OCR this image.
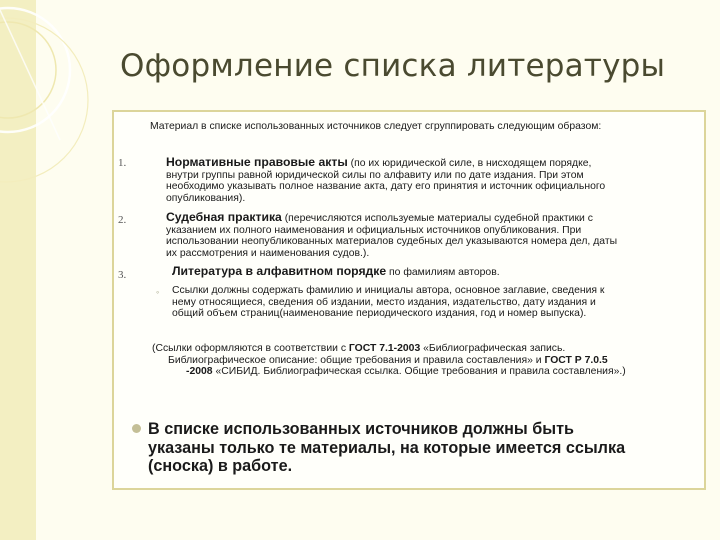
Оформление списка литературы
Материал в списке использованных источников следует сгруппировать следующим образом:
1.	Нормативные правовые акты (по их юридической силе, в нисходящем порядке,
внутри группы равной юридической силы по алфавиту или по дате издания. При этом
необходимо указывать полное название акта, дату его принятия и источник официального
опубликования).
2.	Судебная практика (перечисляются используемые материалы судебной практики с
указанием их полного наименования и официальных источников опубликования. При
использовании неопубликованных материалов судебных дел указываются номера дел, даты
их рассмотрения и наименования судов.).
3.	Литература в алфавитном порядке по фамилиям авторов.
◦ Ссылки должны содержать фамилию и инициалы автора, основное заглавие, сведения к
нему относящиеся, сведения об издании, место издания, издательство, дату издания и
общий объем страниц(наименование периодического издания, год и номер выпуска).
(Ссылки оформляются в соответствии с ГОСТ 7.1-2003 «Библиографическая запись.
Библиографическое описание: общие требования и правила составления» и ГОСТ Р 7.0.5
-2008 «СИБИД. Библиографическая ссылка. Общие требования и правила составления».)
В списке использованных источников должны быть
указаны только те материалы, на которые имеется ссылка
(сноска) в работе.
